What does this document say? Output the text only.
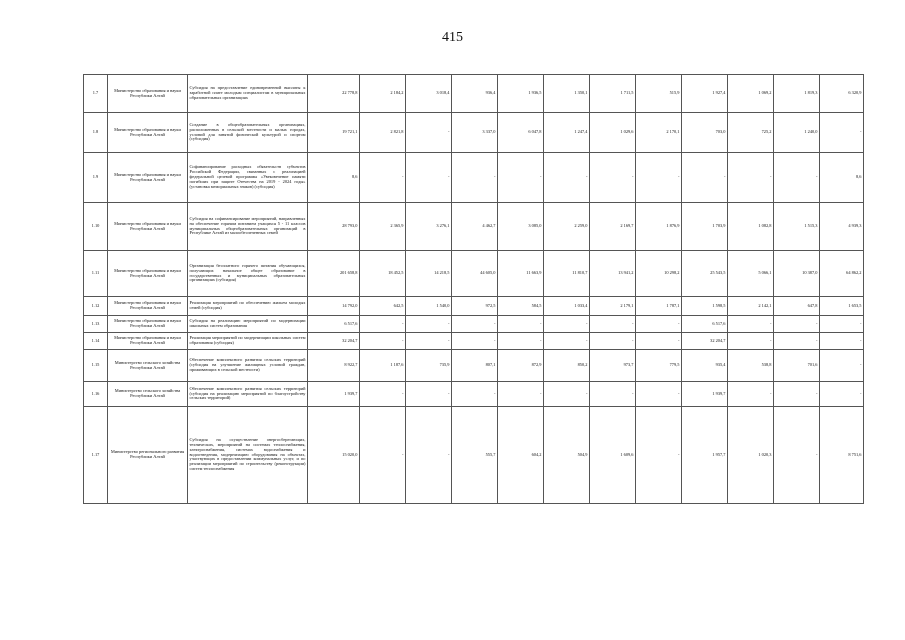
415
1.7	Министерство образования и науки Республики Алтай	Субсидия на предоставление единовременной выплаты к заработной плате молодым специалистам в муниципальных образовательных организациях	22 778,8	2 184,2	3 018,4	936,4	1 936,5	1 350,1	1 711,5	515,9	1 927,4	1 069,2	1 819,3	6 320,9
1.8	Министерство образования и науки Республики Алтай	Создание в общеобразовательных организациях, расположенных в сельской местности и малых городах, условий для занятий физической культурой и спортом (субсидия)	19 721,1	2 821,8	-	3 337,0	6 047,8	1 247,4	1 029,6	2 170,1	703,0	725,2	1 240,0	-
1.9	Министерство образования и науки Республики Алтай	Софинансирование расходных обязательств субъектов Российской Федерации, связанных с реализацией федеральной целевой программы «Увековечение памяти погибших при защите Отечества на 2019 - 2024 годы» (установка мемориальных знаков) (субсидия)	8,6	-	-	-	-	-	-	-	-	-	-	8,6
1.10	Министерство образования и науки Республики Алтай	Субсидия на софинансирование мероприятий, направленных на обеспечение горячим питанием учащихся 5 - 11 классов муниципальных общеобразовательных организаций в Республике Алтай из малообеспеченных семей	28 793,0	2 365,9	3 276,1	4 462,7	3 085,0	2 259,0	2 169,7	1 876,9	1 703,9	1 082,8	1 515,3	4 939,3
1.11	Министерство образования и науки Республики Алтай	Организация бесплатного горячего питания обучающихся, получающих начальное общее образование в государственных и муниципальных образовательных организациях (субсидия)	201 658,8	18 452,5	14 218,5	44 605,0	11 663,9	11 810,7	13 941,2	10 298,2	25 543,5	5 066,1	10 387,0	64 862,2
1.12	Министерство образования и науки Республики Алтай	Реализация мероприятий по обеспечению жильем молодых семей (субсидия)	14 792,0	642,5	1 540,0	972,5	584,5	1 033,4	2 179,1	1 787,1	1 598,5	2 142,1	647,8	1 653,5
1.13	Министерство образования и науки Республики Алтай	Субсидия на реализацию мероприятий по модернизации школьных систем образования	6 517,6	-	-	-	-	-	-	-	6 517,6	-	-	-
1.14	Министерство образования и науки Республики Алтай	Реализация мероприятий по модернизации школьных систем образования (субсидия)	32 204,7	-	-	-	-	-	-	-	32 204,7	-	-	-
1.15	Министерство сельского хозяйства Республики Алтай	Обеспечение комплексного развития сельских территорий (субсидия на улучшение жилищных условий граждан, проживающих в сельской местности)	8 922,7	1 187,6	735,9	807,1	872,9	850,2	973,7	779,5	935,4	538,8	701,6	-
1.16	Министерство сельского хозяйства Республики Алтай	Обеспечение комплексного развития сельских территорий (субсидия на реализацию мероприятий по благоустройству сельских территорий)	1 939,7	-	-	-	-	-	-	-	1 939,7	-	-	-
1.17	Министерство регионального развития Республики Алтай	Субсидия на осуществление энергосберегающих, технических, мероприятий на системах теплоснабжения, электроснабжения, системах водоснабжения и водоотведения, модернизацию оборудования на объектах, участвующих в предоставлении коммунальных услуг, и по реализации мероприятий по строительству (реконструкции) систем теплоснабжения	15 020,0	-	-	555,7	604,2	504,9	1 609,6	-	1 957,7	1 020,3	-	8 751,6
